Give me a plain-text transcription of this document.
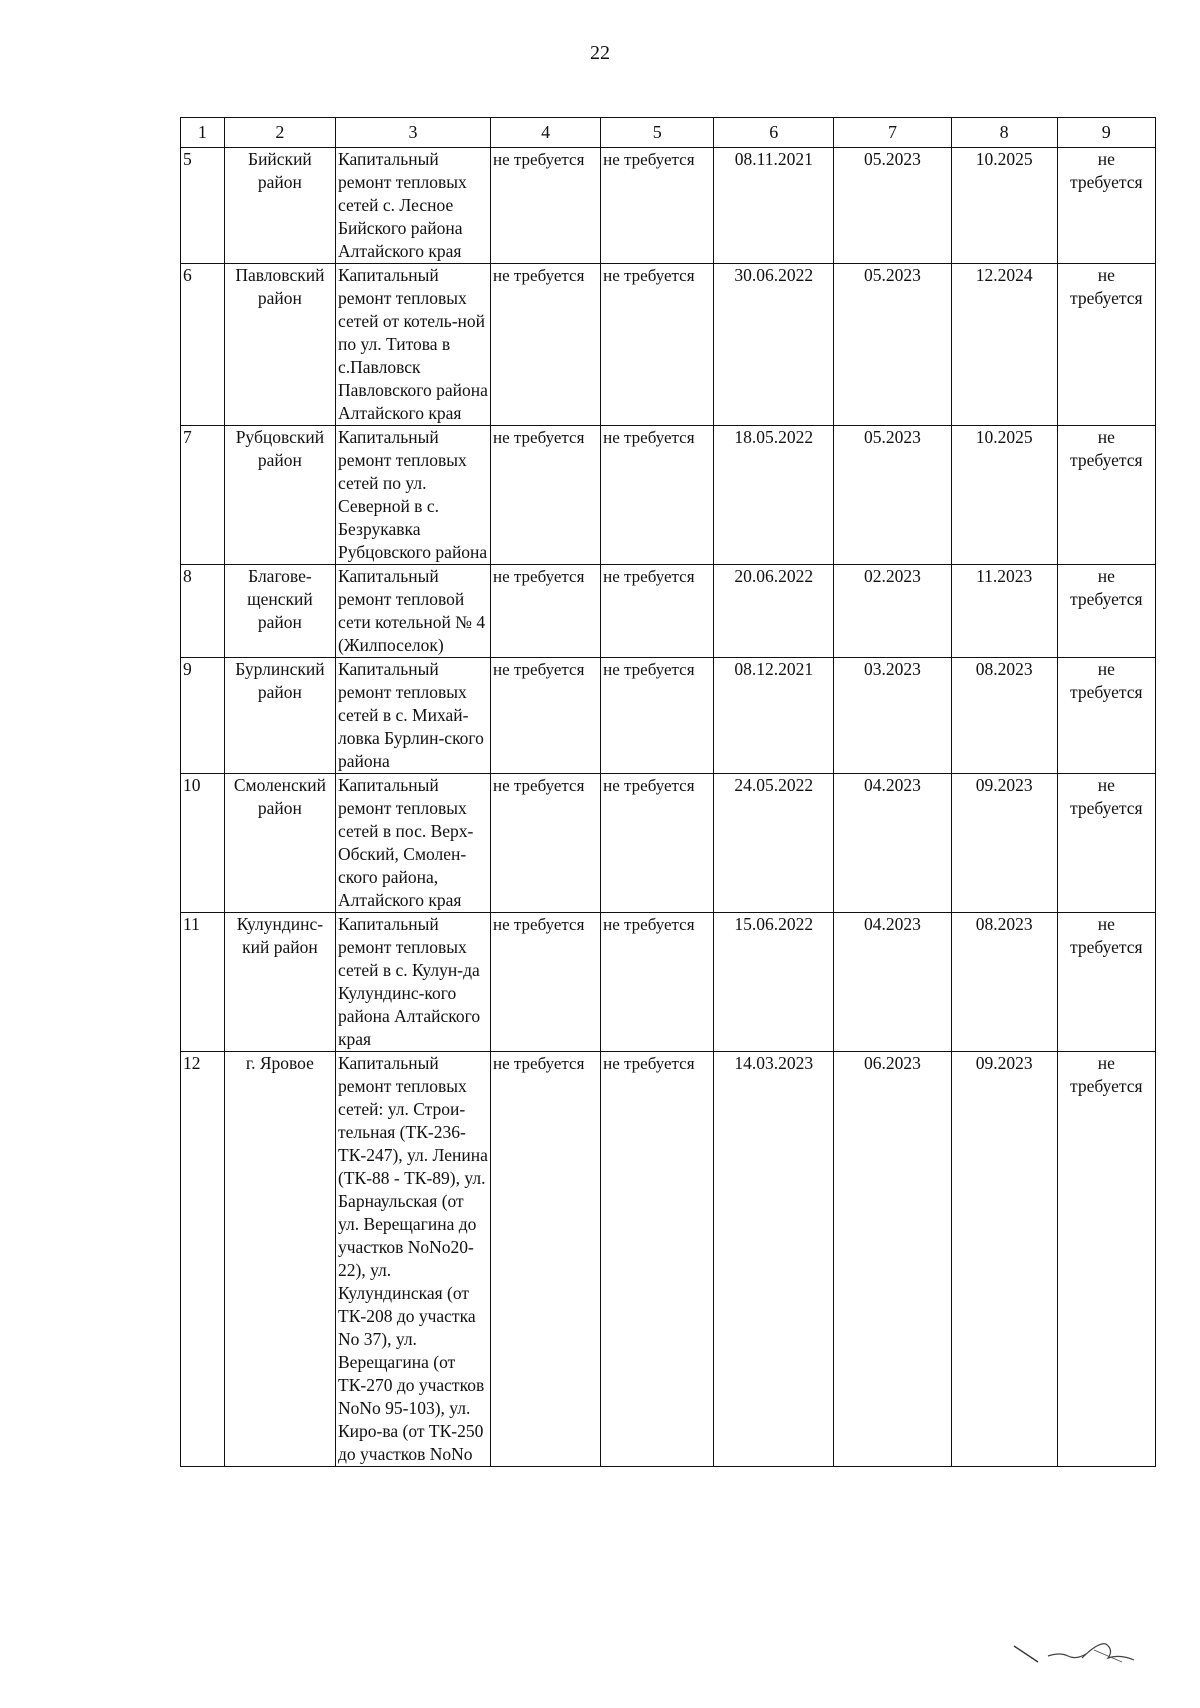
22
1	2	3	4	5	6	7	8	9
5	Бийский район	Капитальный ремонт тепловых сетей с. Лесное Бийского района Алтайского края	не требуется	не требуется	08.11.2021	05.2023	10.2025	не требуется
6	Павловский район	Капитальный ремонт тепловых сетей от котель-ной по ул. Титова в с.Павловск Павловского района Алтайского края	не требуется	не требуется	30.06.2022	05.2023	12.2024	не требуется
7	Рубцовский район	Капитальный ремонт тепловых сетей по ул. Северной в с. Безрукавка Рубцовского района	не требуется	не требуется	18.05.2022	05.2023	10.2025	не требуется
8	Благове-щенский район	Капитальный ремонт тепловой сети котельной № 4 (Жилпоселок)	не требуется	не требуется	20.06.2022	02.2023	11.2023	не требуется
9	Бурлинский район	Капитальный ремонт тепловых сетей в с. Михай-ловка Бурлин-ского района	не требуется	не требуется	08.12.2021	03.2023	08.2023	не требуется
10	Смоленский район	Капитальный ремонт тепловых сетей в пос. Верх-Обский, Смолен-ского района, Алтайского края	не требуется	не требуется	24.05.2022	04.2023	09.2023	не требуется
11	Кулундинс-кий район	Капитальный ремонт тепловых сетей в с. Кулун-да Кулундинс-кого района Алтайского края	не требуется	не требуется	15.06.2022	04.2023	08.2023	не требуется
12	г. Яровое	Капитальный ремонт тепловых сетей: ул. Строи-тельная (ТК-236-ТК-247), ул. Ленина (ТК-88 - ТК-89), ул. Барнаульская (от ул. Верещагина до участков NoNo20-22), ул. Кулундинская (от ТК-208 до участка No 37), ул. Верещагина (от ТК-270 до участков NoNo 95-103), ул. Киро-ва (от ТК-250 до участков NoNo	не требуется	не требуется	14.03.2023	06.2023	09.2023	не требуется
